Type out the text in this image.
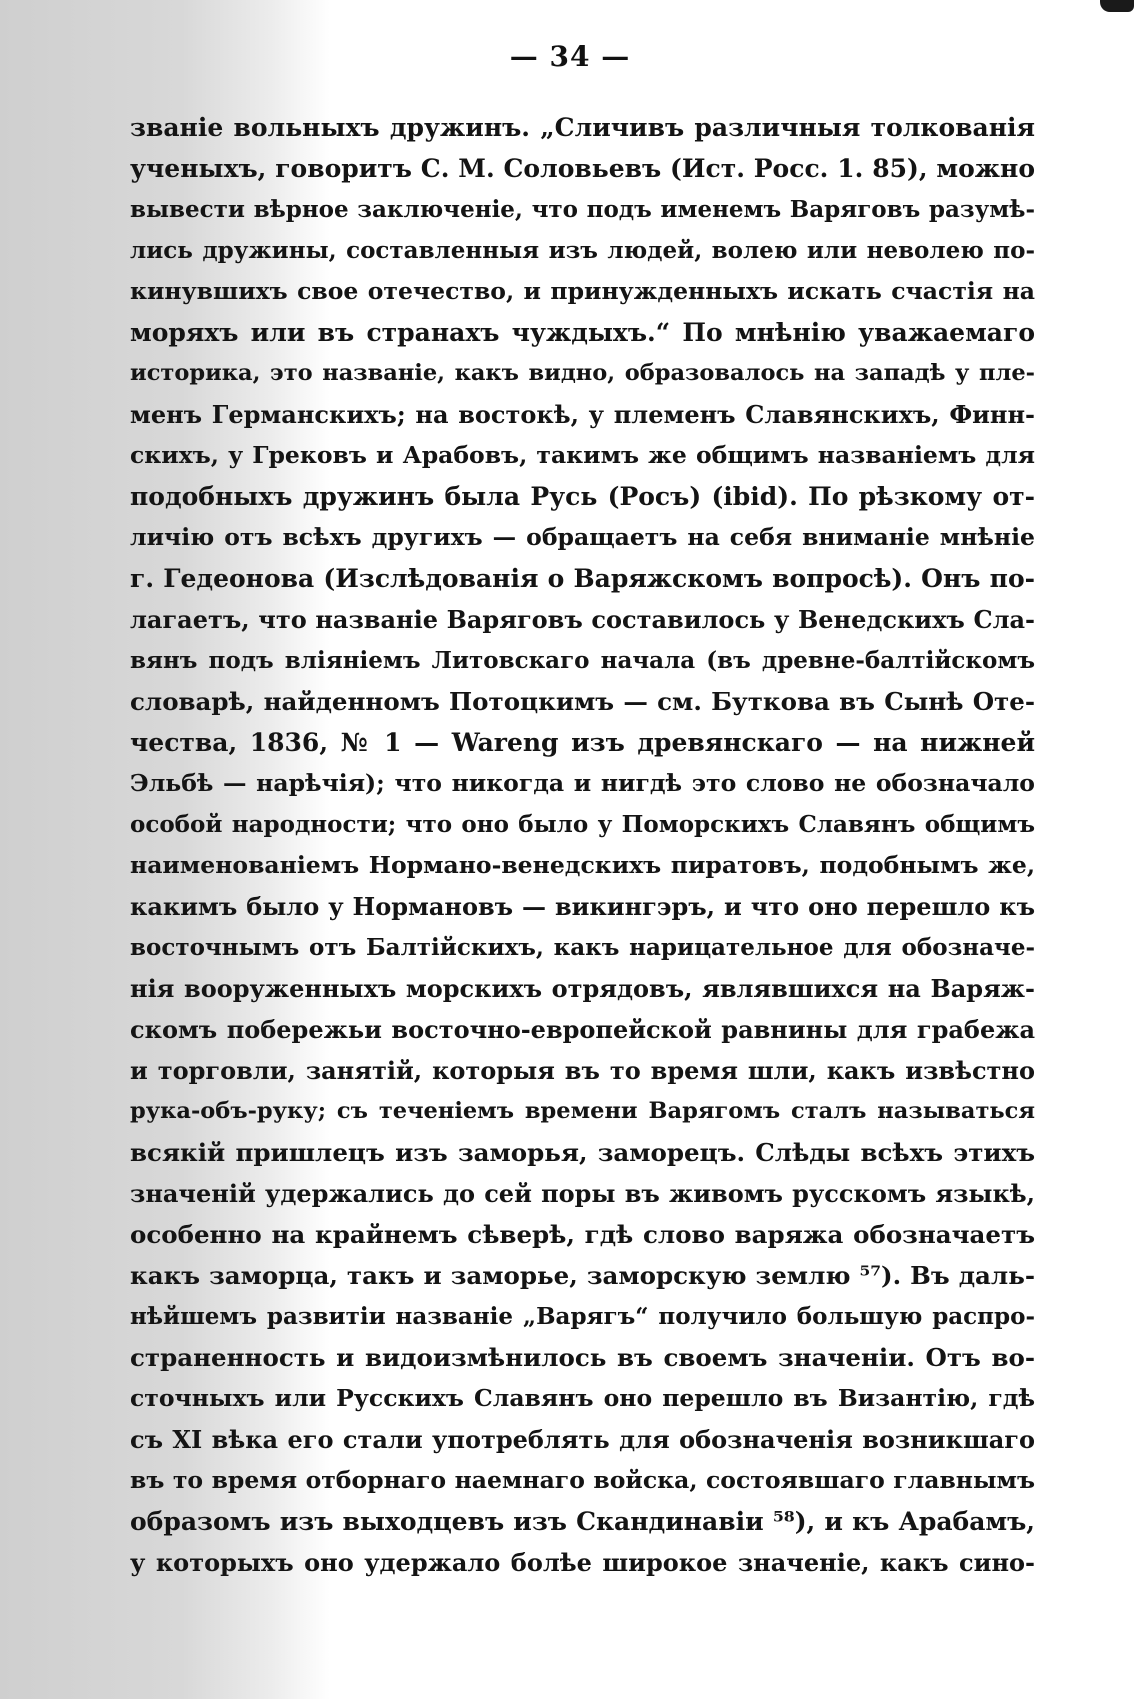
— 34 —
званіе вольныхъ дружинъ. „Сличивъ различныя толкованія
ученыхъ, говоритъ С. М. Соловьевъ (Ист. Росс. 1. 85), можно
вывести вѣрное заключеніе, что подъ именемъ Варяговъ разумѣ-
лись дружины, составленныя изъ людей, волею или неволею по-
кинувшихъ свое отечество, и принужденныхъ искать счастія на
моряхъ или въ странахъ чуждыхъ.“ По мнѣнію уважаемаго
историка, это названіе, какъ видно, образовалось на западѣ у пле-
менъ Германскихъ; на востокѣ, у племенъ Славянскихъ, Финн-
скихъ, у Грековъ и Арабовъ, такимъ же общимъ названіемъ для
подобныхъ дружинъ была Русь (Росъ) (ibid). По рѣзкому от-
личію отъ всѣхъ другихъ — обращаетъ на себя вниманіе мнѣніе
г. Гедеонова (Изслѣдованія о Варяжскомъ вопросѣ). Онъ по-
лагаетъ, что названіе Варяговъ составилось у Венедскихъ Сла-
вянъ подъ вліяніемъ Литовскаго начала (въ древне-балтійскомъ
словарѣ, найденномъ Потоцкимъ — см. Буткова въ Сынѣ Оте-
чества, 1836, № 1 — Wareng изъ древянскаго — на нижней
Эльбѣ — нарѣчія); что никогда и нигдѣ это слово не обозначало
особой народности; что оно было у Поморскихъ Славянъ общимъ
наименованіемъ Нормано-венедскихъ пиратовъ, подобнымъ же,
какимъ было у Нормановъ — викингэръ, и что оно перешло къ
восточнымъ отъ Балтійскихъ, какъ нарицательное для обозначе-
нія вооруженныхъ морскихъ отрядовъ, являвшихся на Варяж-
скомъ побережьи восточно-европейской равнины для грабежа
и торговли, занятій, которыя въ то время шли, какъ извѣстно
рука-объ-руку; съ теченіемъ времени Варягомъ сталъ называться
всякій пришлецъ изъ заморья, заморецъ. Слѣды всѣхъ этихъ
значеній удержались до сей поры въ живомъ русскомъ языкѣ,
особенно на крайнемъ сѣверѣ, гдѣ слово варяжа обозначаетъ
какъ заморца, такъ и заморье, заморскую землю ⁵⁷). Въ даль-
нѣйшемъ развитіи названіе „Варягъ“ получило большую распро-
страненность и видоизмѣнилось въ своемъ значеніи. Отъ во-
сточныхъ или Русскихъ Славянъ оно перешло въ Византію, гдѣ
съ XI вѣка его стали употреблять для обозначенія возникшаго
въ то время отборнаго наемнаго войска, состоявшаго главнымъ
образомъ изъ выходцевъ изъ Скандинавіи ⁵⁸), и къ Арабамъ,
у которыхъ оно удержало болѣе широкое значеніе, какъ сино-
